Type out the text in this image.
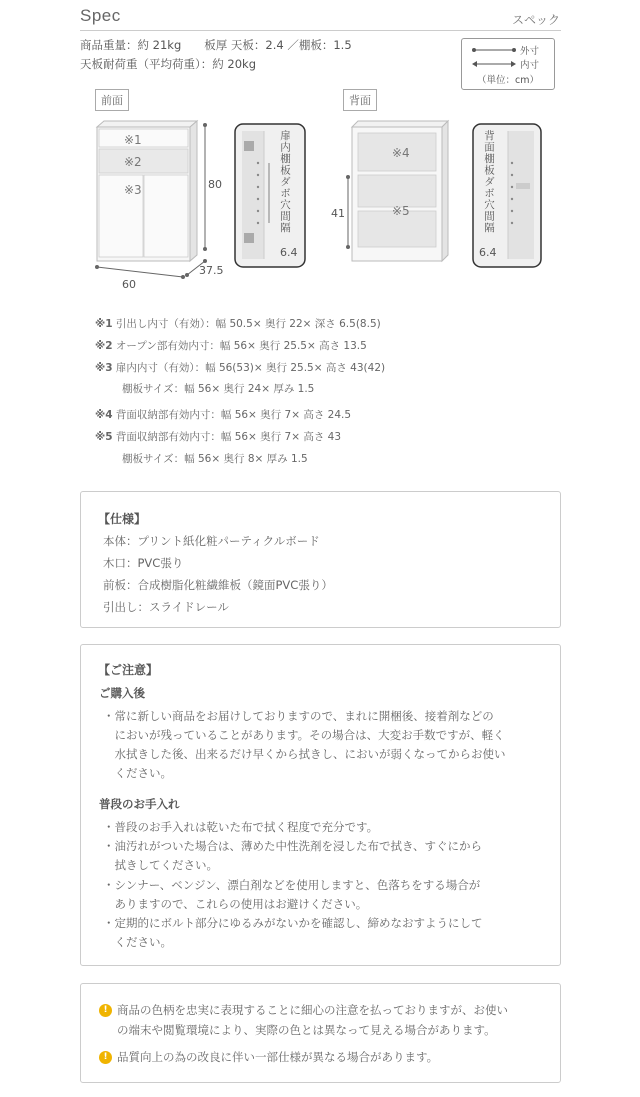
Spec	スペック
商品重量：約 21kg　　板厚 天板：2.4 ／棚板：1.5
天板耐荷重（平均荷重）：約 20kg
外寸
内寸
（単位：cm）
前面
※1
※2
※3	80
60
37.5
扉内棚板ダボ穴間隔
6.4
背面
※4
※5
41	背面棚板ダボ穴間隔
6.4
※1 引出し内寸（有効）：幅 50.5× 奥行 22× 深さ 6.5(8.5)
※2 オープン部有効内寸：幅 56× 奥行 25.5× 高さ 13.5
※3 扉内内寸（有効）：幅 56(53)× 奥行 25.5× 高さ 43(42)
棚板サイズ：幅 56× 奥行 24× 厚み 1.5
※4 背面収納部有効内寸：幅 56× 奥行 7× 高さ 24.5
※5 背面収納部有効内寸：幅 56× 奥行 7× 高さ 43
棚板サイズ：幅 56× 奥行 8× 厚み 1.5
【仕様】
本体：プリント紙化粧パーティクルボード
木口：PVC張り
前板：合成樹脂化粧繊維板（鏡面PVC張り）
引出し：スライドレール
【ご注意】
ご購入後
・常に新しい商品をお届けしておりますので、まれに開梱後、接着剤などの
　においが残っていることがあります。その場合は、大変お手数ですが、軽く
　水拭きした後、出来るだけ早くから拭きし、においが弱くなってからお使い
　ください。
普段のお手入れ
・普段のお手入れは乾いた布で拭く程度で充分です。
・油汚れがついた場合は、薄めた中性洗剤を浸した布で拭き、すぐにから
　拭きしてください。
・シンナー、ベンジン、漂白剤などを使用しますと、色落ちをする場合が
　ありますので、これらの使用はお避けください。
・定期的にボルト部分にゆるみがないかを確認し、締めなおすようにして
　ください。
! 商品の色柄を忠実に表現することに細心の注意を払っておりますが、お使い
の端末や閲覧環境により、実際の色とは異なって見える場合があります。
! 品質向上の為の改良に伴い一部仕様が異なる場合があります。
